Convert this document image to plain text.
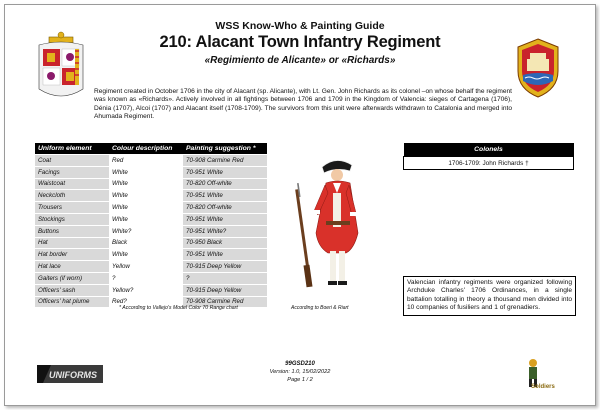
WSS Know-Who & Painting Guide
210: Alacant Town Infantry Regiment
«Regimiento de Alicante» or «Richards»
Regiment created in October 1706 in the city of Alacant (sp. Alicante), with Lt. Gen. John Richards as its colonel –on whose behalf the regiment was known as «Richards». Actively involved in all fightings between 1706 and 1709 in the Kingdom of Valencia: sieges of Cartagena (1706), Dénia (1707), Alcoi (1707) and Alacant itself (1708-1709). The survivors from this unit were afterwards withdrawn to Catalonia and merged into Ahumada Regiment.
Uniform element	Colour description	Painting suggestion *
Coat	Red	70-908 Carmine Red
Facings	White	70-951 White
Waistcoat	White	70-820 Off-white
Neckcloth	White	70-951 White
Trousers	White	70-820 Off-white
Stockings	White	70-951 White
Buttons	White?	70-951 White?
Hat	Black	70-950 Black
Hat border	White	70-951 White
Hat lace	Yellow	70-915 Deep Yellow
Gaiters (if worn)	?	?
Officers' sash	Yellow?	70-915 Deep Yellow
Officers' hat plume	Red?	70-908 Carmine Red
* According to Vallejo's Model Color 70 Range chart	According to Boeri & Riart
Colonels
1706-1709: John Richards †
Valencian infantry regiments were organized following Archduke Charles' 1706 Ordinances, in a single battalion totalling in theory a thousand men divided into 10 companies of fusiliers and 1 of grenadiers.
UNIFORMS
Soldiers
99GSD210
Version: 1.0, 15/02/2022
Page 1 / 2
